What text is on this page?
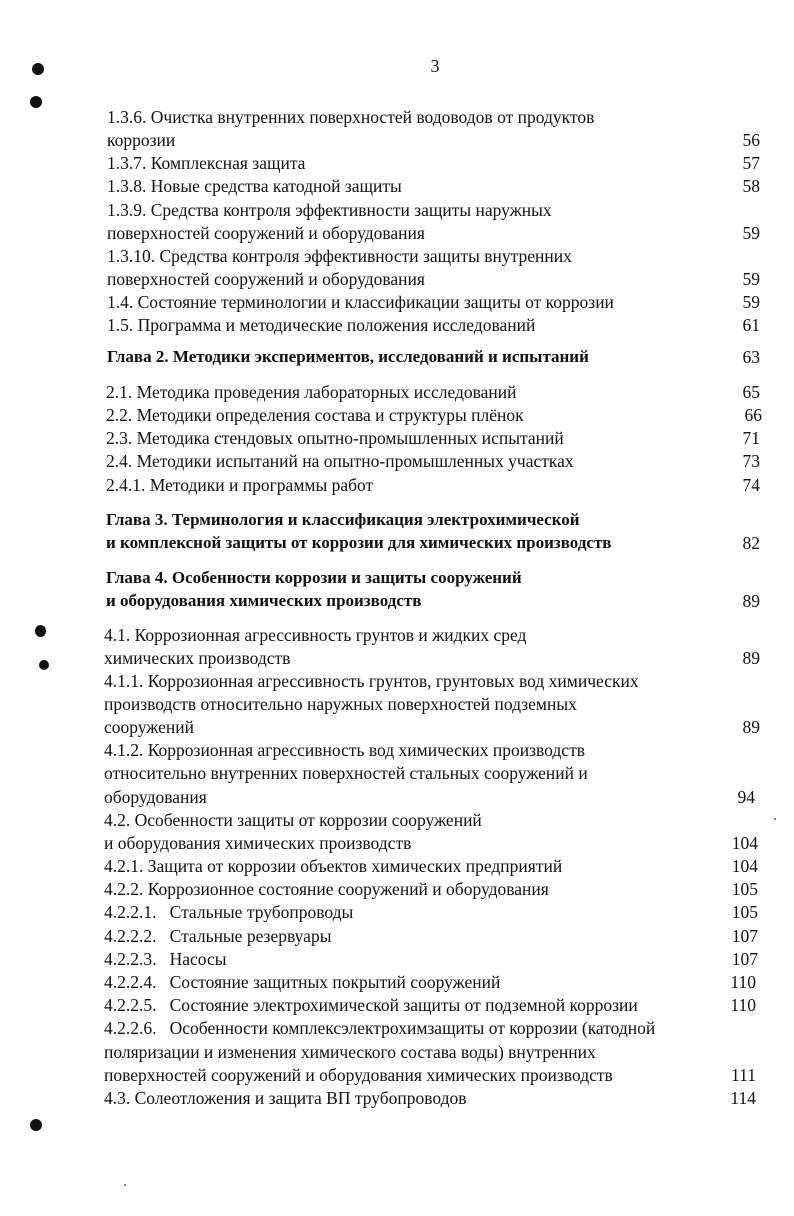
3
1.3.6. Очистка внутренних поверхностей водоводов от продуктов
коррозии	56
1.3.7. Комплексная защита	57
1.3.8. Новые средства катодной защиты	58
1.3.9. Средства контроля эффективности защиты наружных
поверхностей сооружений и оборудования	59
1.3.10. Средства контроля эффективности защиты внутренних
поверхностей сооружений и оборудования	59
1.4. Состояние терминологии и классификации защиты от коррозии	59
1.5. Программа и методические положения исследований	61
Глава 2. Методики экспериментов, исследований и испытаний	63
2.1. Методика проведения лабораторных исследований	65
2.2. Методики определения состава и структуры плёнок	66
2.3. Методика стендовых опытно-промышленных испытаний	71
2.4. Методики испытаний на опытно-промышленных участках	73
2.4.1. Методики и программы работ	74
Глава 3. Терминология и классификация электрохимической
и комплексной защиты от коррозии для химических производств	82
Глава 4. Особенности коррозии и защиты сооружений
и оборудования химических производств	89
4.1. Коррозионная агрессивность грунтов и жидких сред
химических производств	89
4.1.1. Коррозионная агрессивность грунтов, грунтовых вод химических
производств относительно наружных поверхностей подземных
сооружений	89
4.1.2. Коррозионная агрессивность вод химических производств
относительно внутренних поверхностей стальных сооружений и
оборудования	94
4.2. Особенности защиты от коррозии сооружений
и оборудования химических производств	104
4.2.1. Защита от коррозии объектов химических предприятий	104
4.2.2. Коррозионное состояние сооружений и оборудования	105
4.2.2.1.   Стальные трубопроводы	105
4.2.2.2.   Стальные резервуары	107
4.2.2.3.   Насосы	107
4.2.2.4.   Состояние защитных покрытий сооружений	110
4.2.2.5.   Состояние электрохимической защиты от подземной коррозии	110
4.2.2.6.   Особенности комплексэлектрохимзащиты от коррозии (катодной
поляризации и изменения химического состава воды) внутренних
поверхностей сооружений и оборудования химических производств	111
4.3. Солеотложения и защита ВП трубопроводов	114
